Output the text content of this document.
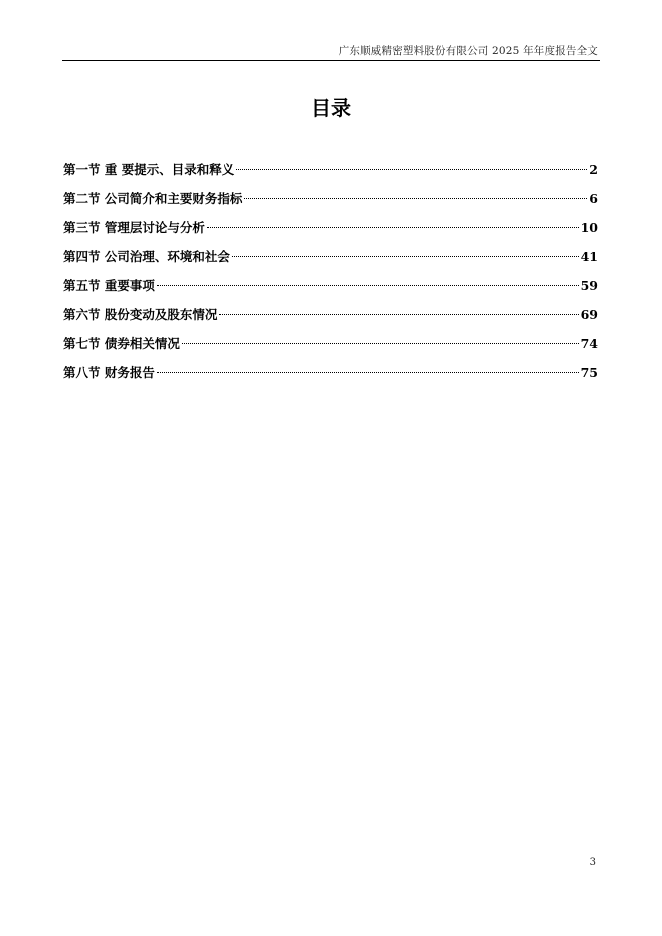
广东顺威精密塑料股份有限公司 2025 年年度报告全文
目录
第一节 重 要提示、目录和释义	2
第二节 公司简介和主要财务指标	6
第三节 管理层讨论与分析	10
第四节 公司治理、环境和社会	41
第五节 重要事项	59
第六节 股份变动及股东情况	69
第七节 债券相关情况	74
第八节 财务报告	75
3
